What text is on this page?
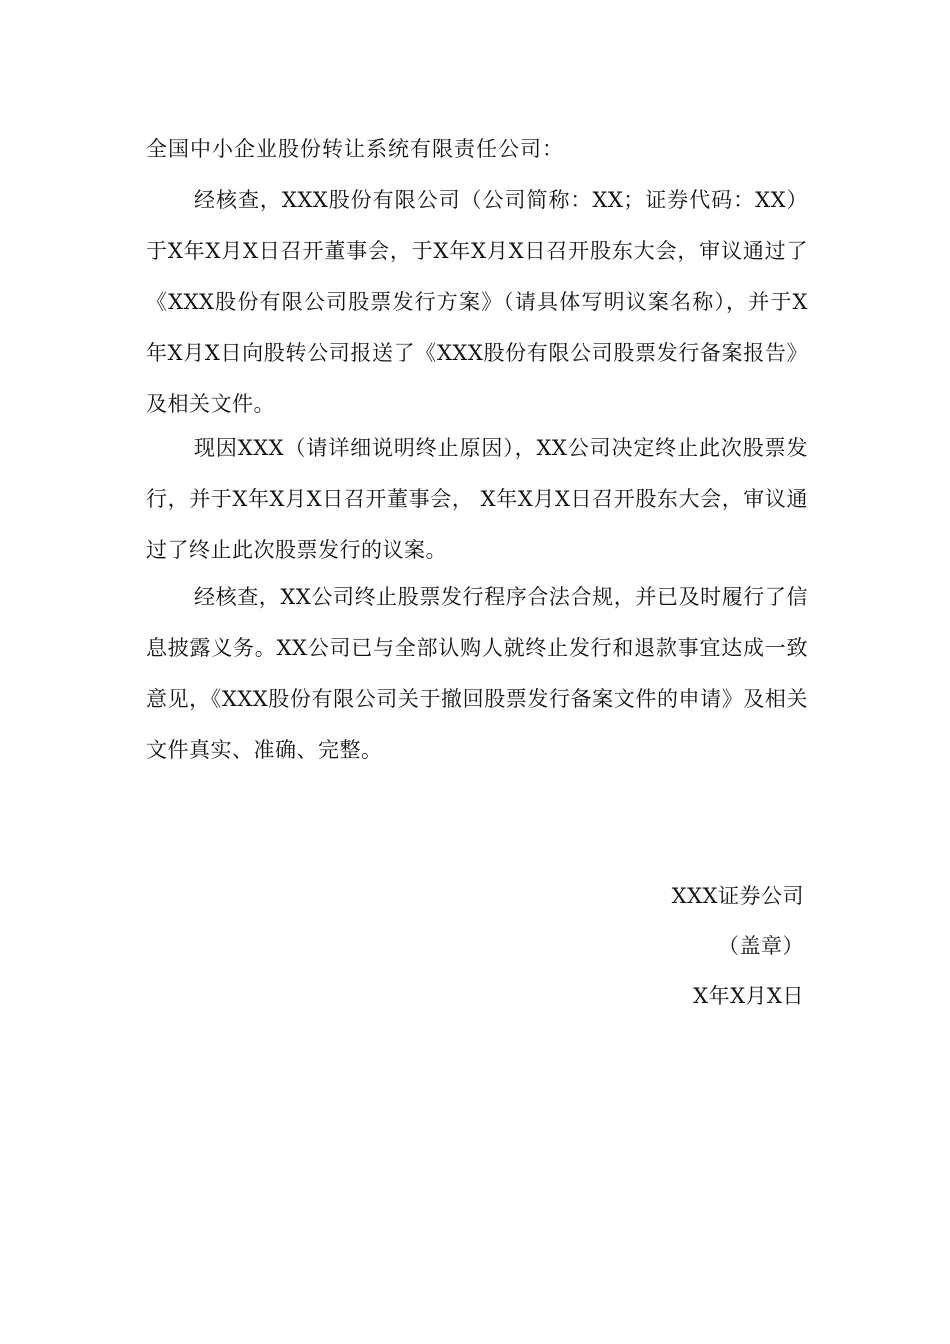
全国中小企业股份转让系统有限责任公司：
经核查，XXX股份有限公司（公司简称：XX；证券代码：XX）于X年X月X日召开董事会，于X年X月X日召开股东大会，审议通过了《XXX股份有限公司股票发行方案》（请具体写明议案名称），并于X年X月X日向股转公司报送了《XXX股份有限公司股票发行备案报告》及相关文件。
现因XXX（请详细说明终止原因），XX公司决定终止此次股票发行，并于X年X月X日召开董事会， X年X月X日召开股东大会，审议通过了终止此次股票发行的议案。
经核查，XX公司终止股票发行程序合法合规，并已及时履行了信息披露义务。XX公司已与全部认购人就终止发行和退款事宜达成一致意见，《XXX股份有限公司关于撤回股票发行备案文件的申请》及相关文件真实、准确、完整。
XXX证券公司
（盖章）
X年X月X日
